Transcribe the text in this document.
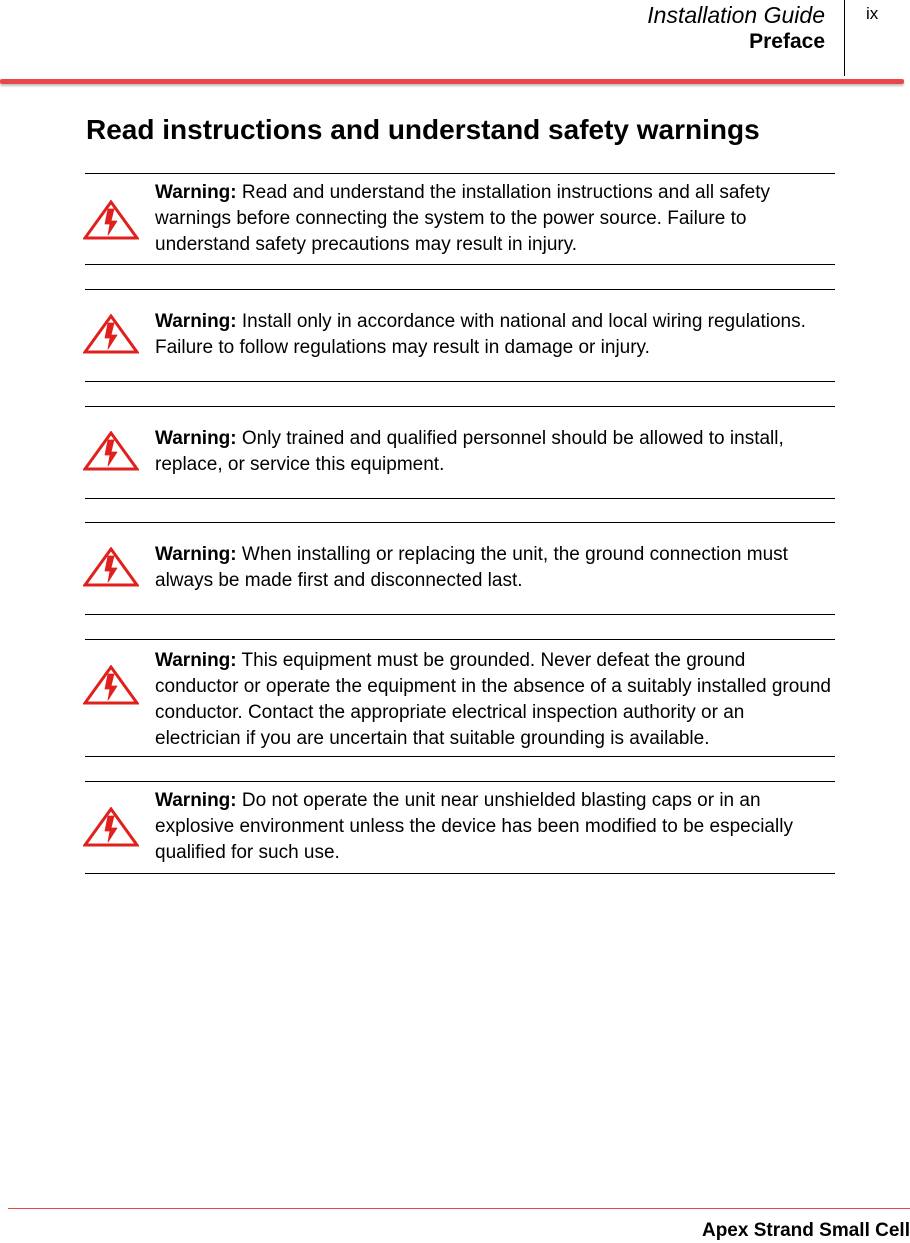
Installation Guide
Preface
ix
Read instructions and understand safety warnings

Warning: Read and understand the installation instructions and all safety warnings before connecting the system to the power source. Failure to understand safety precautions may result in injury.

Warning: Install only in accordance with national and local wiring regulations. Failure to follow regulations may result in damage or injury.

Warning: Only trained and qualified personnel should be allowed to install, replace, or service this equipment.

Warning: When installing or replacing the unit, the ground connection must always be made first and disconnected last.

Warning: This equipment must be grounded. Never defeat the ground conductor or operate the equipment in the absence of a suitably installed ground conductor. Contact the appropriate electrical inspection authority or an electrician if you are uncertain that suitable grounding is available.

Warning: Do not operate the unit near unshielded blasting caps or in an explosive environment unless the device has been modified to be especially qualified for such use.

Apex Strand Small Cell
